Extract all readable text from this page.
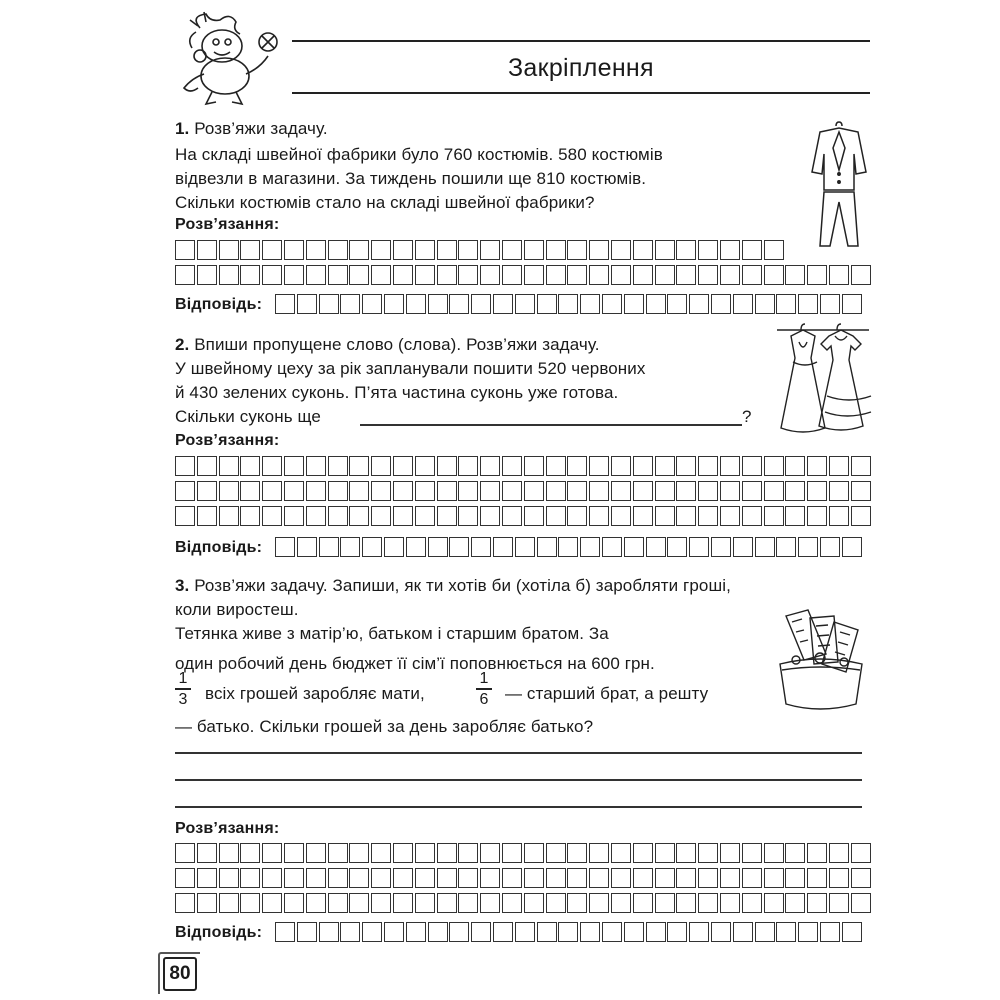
Закріплення
1. Розв’яжи задачу.
На складі швейної фабрики було 760 костюмів. 580 костюмів
відвезли в магазини. За тиждень пошили ще 810 костюмів.
Скільки костюмів стало на складі швейної фабрики?
Розв’язання:
Відповідь:
2. Впиши пропущене слово (слова). Розв’яжи задачу.
У швейному цеху за рік запланували пошити 520 червоних
й 430 зелених суконь. П’ята частина суконь уже готова.
Скільки суконь ще	?
Розв’язання:
Відповідь:
3. Розв’яжи задачу. Запиши, як ти хотів би (хотіла б) заробляти гроші,
коли виростеш.
Тетянка живе з матір’ю, батьком і старшим братом. За
один робочий день бюджет її сім’ї поповнюється на 600 грн.
1
3 всіх грошей заробляє мати,
1
6 — старший брат, а решту
— батько. Скільки грошей за день заробляє батько?
Розв’язання:
Відповідь:
80
